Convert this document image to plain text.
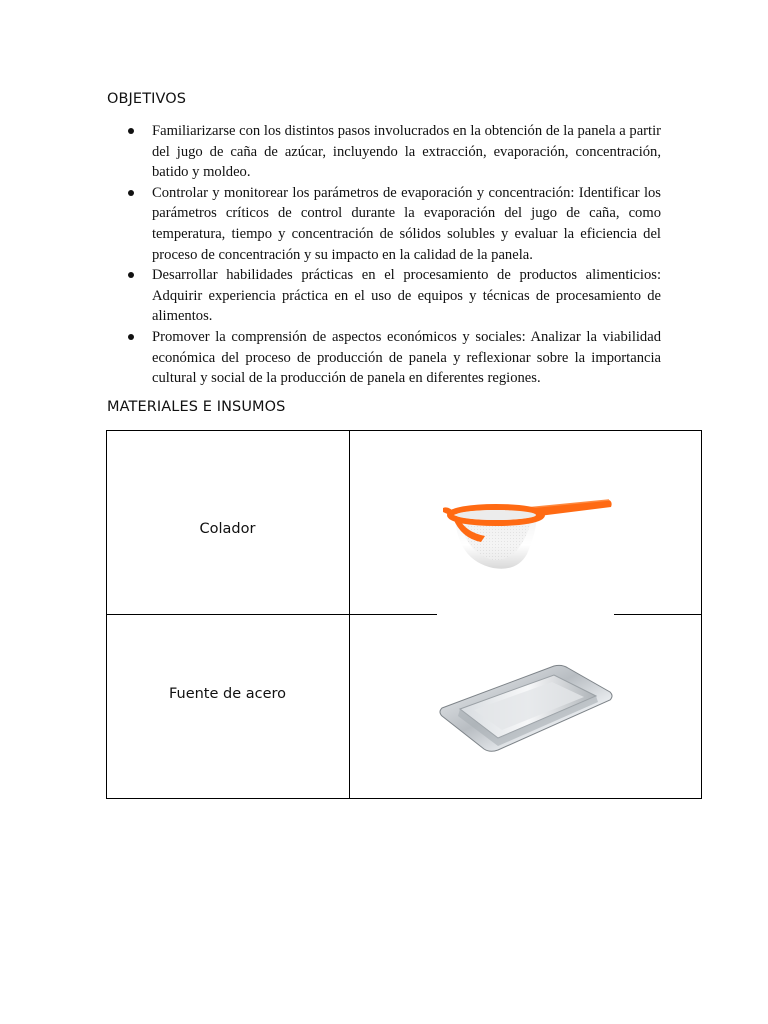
OBJETIVOS
Familiarizarse con los distintos pasos involucrados en la obtención de la panela a partir del jugo de caña de azúcar, incluyendo la extracción, evaporación, concentración, batido y moldeo.
Controlar y monitorear los parámetros de evaporación y concentración: Identificar los parámetros críticos de control durante la evaporación del jugo de caña, como temperatura, tiempo y concentración de sólidos solubles y evaluar la eficiencia del proceso de concentración y su impacto en la calidad de la panela.
Desarrollar habilidades prácticas en el procesamiento de productos alimenticios: Adquirir experiencia práctica en el uso de equipos y técnicas de procesamiento de alimentos.
Promover la comprensión de aspectos económicos y sociales: Analizar la viabilidad económica del proceso de producción de panela y reflexionar sobre la importancia cultural y social de la producción de panela en diferentes regiones.
MATERIALES E INSUMOS
Colador
Fuente de acero
